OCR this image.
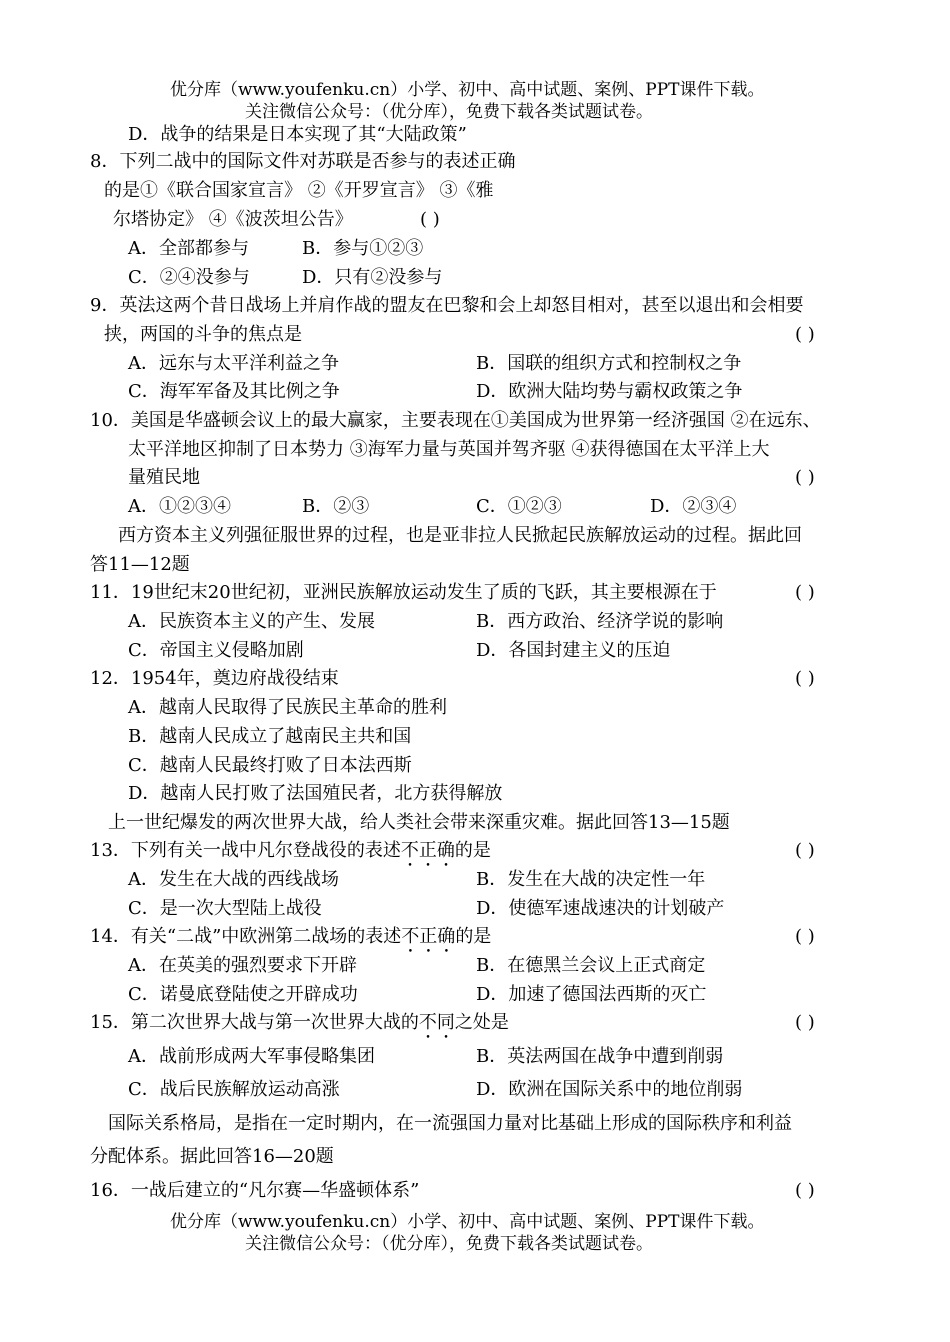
优分库（www.youfenku.cn）小学、初中、高中试题、案例、PPT课件下载。
关注微信公众号：（优分库），免费下载各类试题试卷。
D．战争的结果是日本实现了其“大陆政策”
8．下列二战中的国际文件对苏联是否参与的表述正确
的是①《联合国家宣言》 ②《开罗宣言》 ③《雅
尔塔协定》 ④《波茨坦公告》	( )
A．全部都参与	B．参与①②③
C．②④没参与	D．只有②没参与
9．英法这两个昔日战场上并肩作战的盟友在巴黎和会上却怒目相对，甚至以退出和会相要
挟，两国的斗争的焦点是	( )
A．远东与太平洋利益之争	B．国联的组织方式和控制权之争
C．海军军备及其比例之争	D．欧洲大陆均势与霸权政策之争
10．美国是华盛顿会议上的最大赢家，主要表现在①美国成为世界第一经济强国 ②在远东、
太平洋地区抑制了日本势力 ③海军力量与英国并驾齐驱 ④获得德国在太平洋上大
量殖民地	( )
A．①②③④	B．②③	C．①②③	D．②③④
西方资本主义列强征服世界的过程，也是亚非拉人民掀起民族解放运动的过程。据此回
答11—12题
11．19世纪末20世纪初，亚洲民族解放运动发生了质的飞跃，其主要根源在于	( )
A．民族资本主义的产生、发展	B．西方政治、经济学说的影响
C．帝国主义侵略加剧	D．各国封建主义的压迫
12．1954年，奠边府战役结束	( )
A．越南人民取得了民族民主革命的胜利
B．越南人民成立了越南民主共和国
C．越南人民最终打败了日本法西斯
D．越南人民打败了法国殖民者，北方获得解放
上一世纪爆发的两次世界大战，给人类社会带来深重灾难。据此回答13—15题
13．下列有关一战中凡尔登战役的表述不正确的是	( )
A．发生在大战的西线战场	B．发生在大战的决定性一年
C．是一次大型陆上战役	D．使德军速战速决的计划破产
14．有关“二战”中欧洲第二战场的表述不正确的是	( )
A．在英美的强烈要求下开辟	B．在德黑兰会议上正式商定
C．诺曼底登陆使之开辟成功	D．加速了德国法西斯的灭亡
15．第二次世界大战与第一次世界大战的不同之处是	( )
A．战前形成两大军事侵略集团	B．英法两国在战争中遭到削弱
C．战后民族解放运动高涨	D．欧洲在国际关系中的地位削弱
国际关系格局，是指在一定时期内，在一流强国力量对比基础上形成的国际秩序和利益
分配体系。据此回答16—20题
16．一战后建立的“凡尔赛—华盛顿体系”	( )
优分库（www.youfenku.cn）小学、初中、高中试题、案例、PPT课件下载。
关注微信公众号：（优分库），免费下载各类试题试卷。
